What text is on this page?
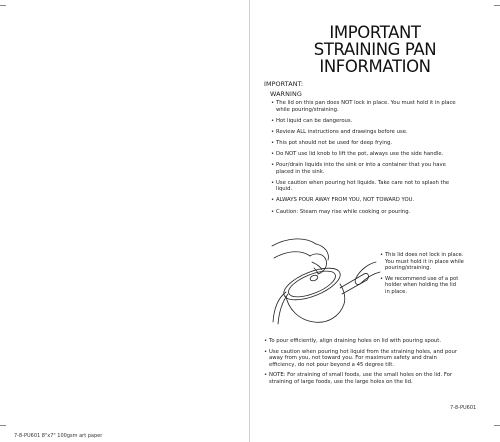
IMPORTANT
STRAINING PAN
INFORMATION
IMPORTANT:
WARNING
• The lid on this pan does NOT lock in place. You must hold it in place
while pouring/straining.
• Hot liquid can be dangerous.
• Review ALL instructions and drawings before use.
• This pot should not be used for deep frying.
• Do NOT use lid knob to lift the pot, always use the side handle.
• Pour/drain liquids into the sink or into a container that you have
placed in the sink.
• Use caution when pouring hot liquids. Take care not to splash the
liquid.
• ALWAYS POUR AWAY FROM YOU, NOT TOWARD YOU.
• Caution: Steam may rise while cooking or pouring.
• This lid does not lock in place.
You must hold it in place while
pouring/straining.
• We recommend use of a pot
holder when holding the lid
in place.
• To pour efficiently, align draining holes on lid with pouring spout.
• Use caution when pouring hot liquid from the straining holes, and pour
away from you, not toward you. For maximum safety and drain
efficiency, do not pour beyond a 45 degree tilt.
• NOTE: For straining of small foods, use the small holes on the lid. For
straining of large foods, use the large holes on the lid.
7-8-PU601
7-8-PU601 8"x7" 100gsm art paper
